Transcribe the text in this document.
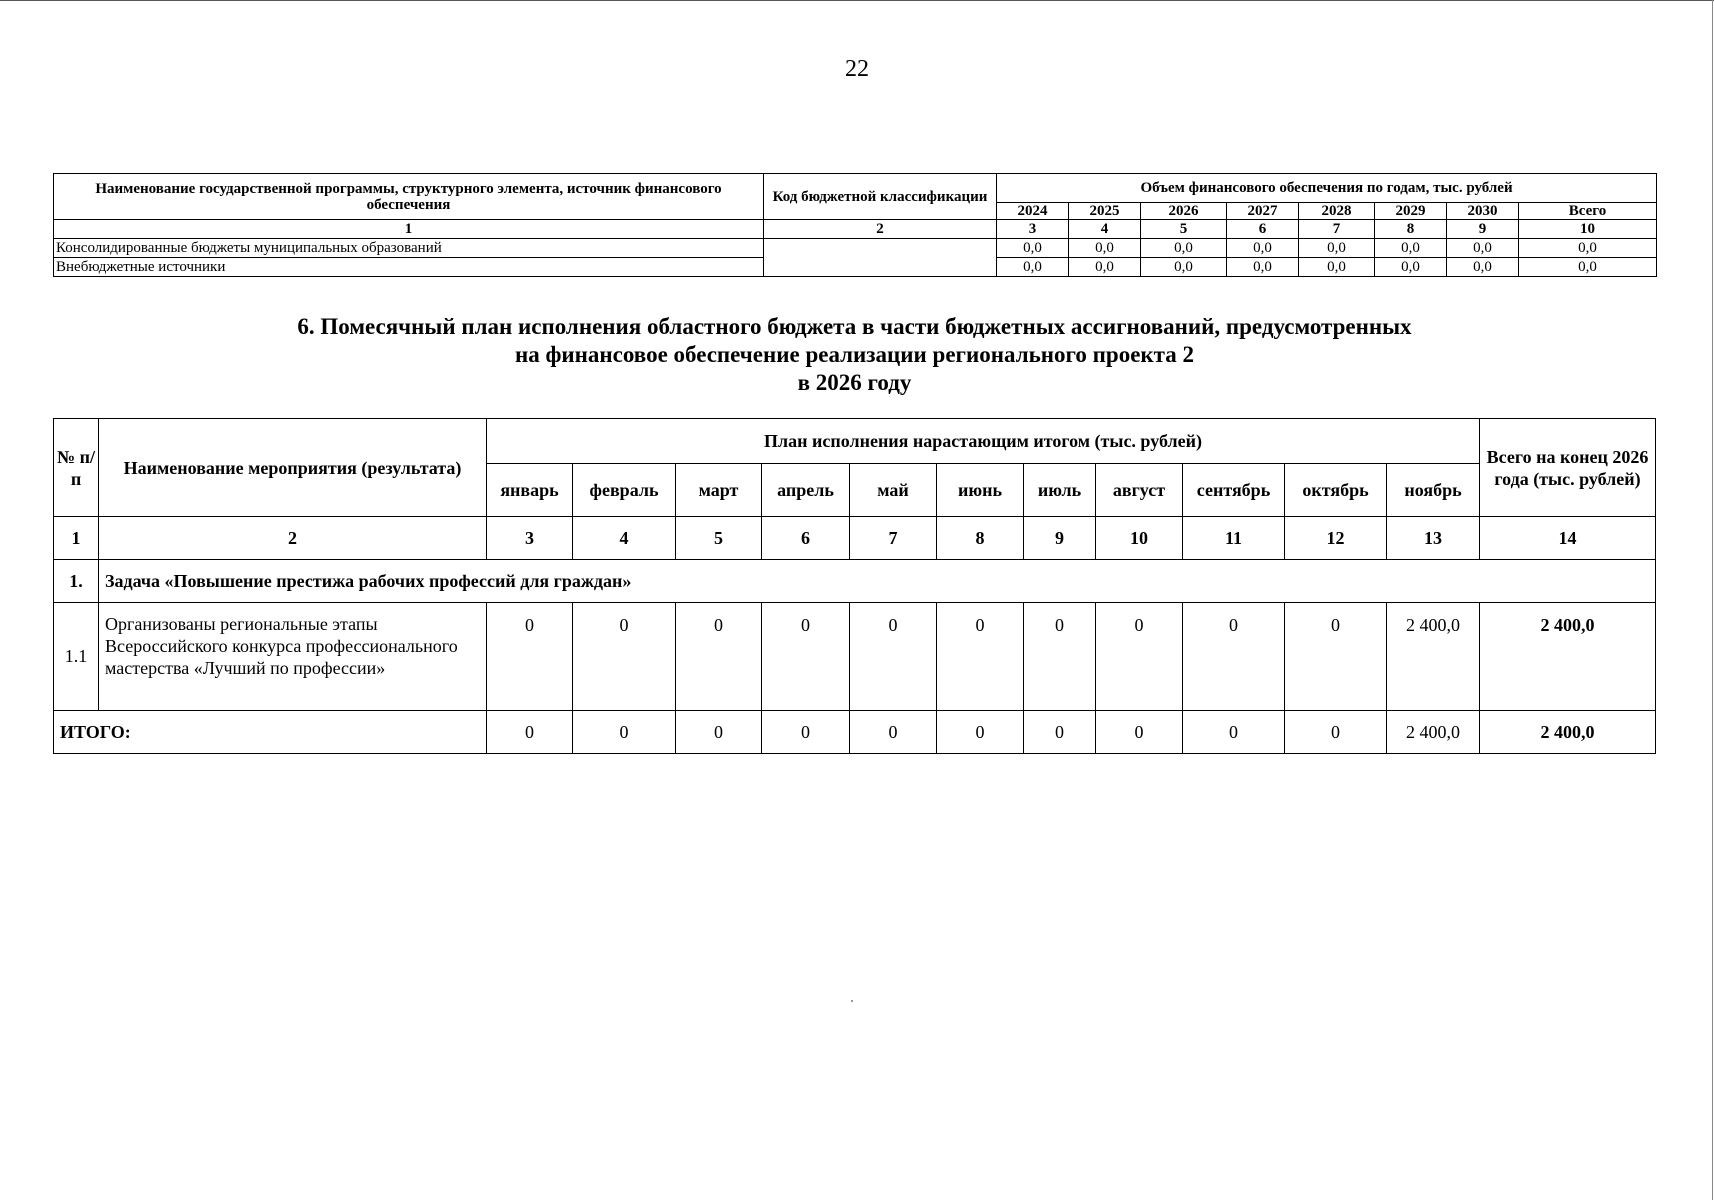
22
Наименование государственной программы, структурного элемента, источник финансового обеспечения	Код бюджетной классификации	Объем финансового обеспечения по годам, тыс. рублей							
		2024	2025	2026	2027	2028	2029	2030	Всего
1	2	3	4	5	6	7	8	9	10
Консолидированные бюджеты муниципальных образований		0,0	0,0	0,0	0,0	0,0	0,0	0,0	0,0
Внебюджетные источники		0,0	0,0	0,0	0,0	0,0	0,0	0,0	0,0
6. Помесячный план исполнения областного бюджета в части бюджетных ассигнований, предусмотренных
на финансовое обеспечение реализации регионального проекта 2
в 2026 году
№ п/п	Наименование мероприятия (результата)	План исполнения нарастающим итогом (тыс. рублей)											Всего на конец 2026 года (тыс. рублей)
		январь	февраль	март	апрель	май	июнь	июль	август	сентябрь	октябрь	ноябрь	
1	2	3	4	5	6	7	8	9	10	11	12	13	14
1.	Задача «Повышение престижа рабочих профессий для граждан»												
1.1	Организованы региональные этапы Всероссийского конкурса профессионального мастерства «Лучший по профессии»	0	0	0	0	0	0	0	0	0	0	2 400,0	2 400,0
ИТОГО:		0	0	0	0	0	0	0	0	0	0	2 400,0	2 400,0
